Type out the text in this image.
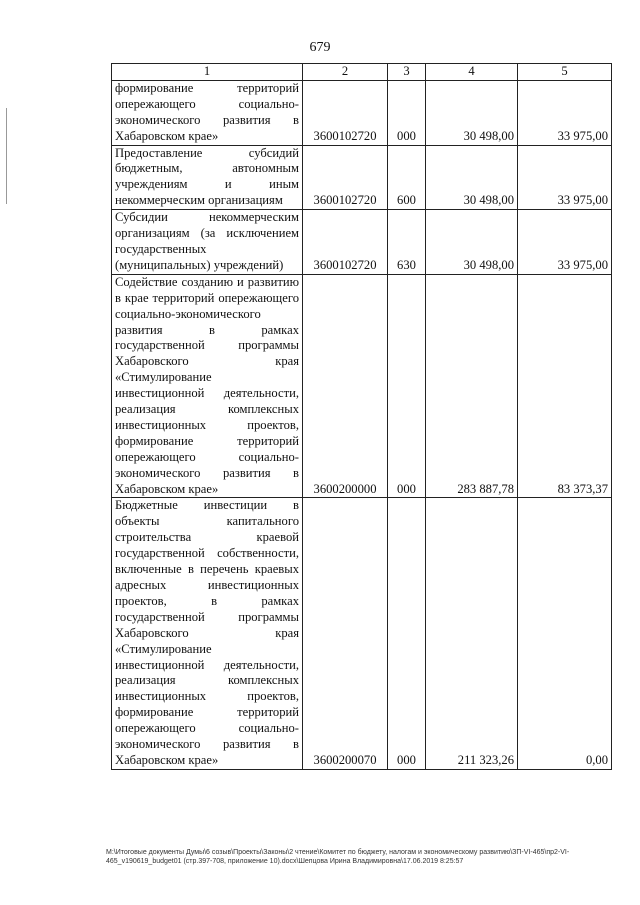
679
1	2	3	4	5
формирование территорий опережающего социально-экономического развития в Хабаровском крае»	3600102720	000	30 498,00	33 975,00
Предоставление субсидий бюджетным, автономным учреждениям и иным некоммерческим организациям	3600102720	600	30 498,00	33 975,00
Субсидии некоммерческим организациям (за исключением государственных (муниципальных) учреждений)	3600102720	630	30 498,00	33 975,00
Содействие созданию и развитию в крае территорий опережающего социально-экономического развития в рамках государственной программы Хабаровского края «Стимулирование инвестиционной деятельности, реализация комплексных инвестиционных проектов, формирование территорий опережающего социально-экономического развития в Хабаровском крае»	3600200000	000	283 887,78	83 373,37
Бюджетные инвестиции в объекты капитального строительства краевой государственной собственности, включенные в перечень краевых адресных инвестиционных проектов, в рамках государственной программы Хабаровского края «Стимулирование инвестиционной деятельности, реализация комплексных инвестиционных проектов, формирование территорий опережающего социально-экономического развития в Хабаровском крае»	3600200070	000	211 323,26	0,00
M:\Итоговые документы Думы\6 созыв\Проекты\Законы\2 чтение\Комитет по бюджету, налогам и экономическому развитию\ЗП-VI-465\пр2-VI-465_v190619_budget01 (стр.397-708, приложение 10).docx\Шепцова Ирина Владимировна\17.06.2019 8:25:57
